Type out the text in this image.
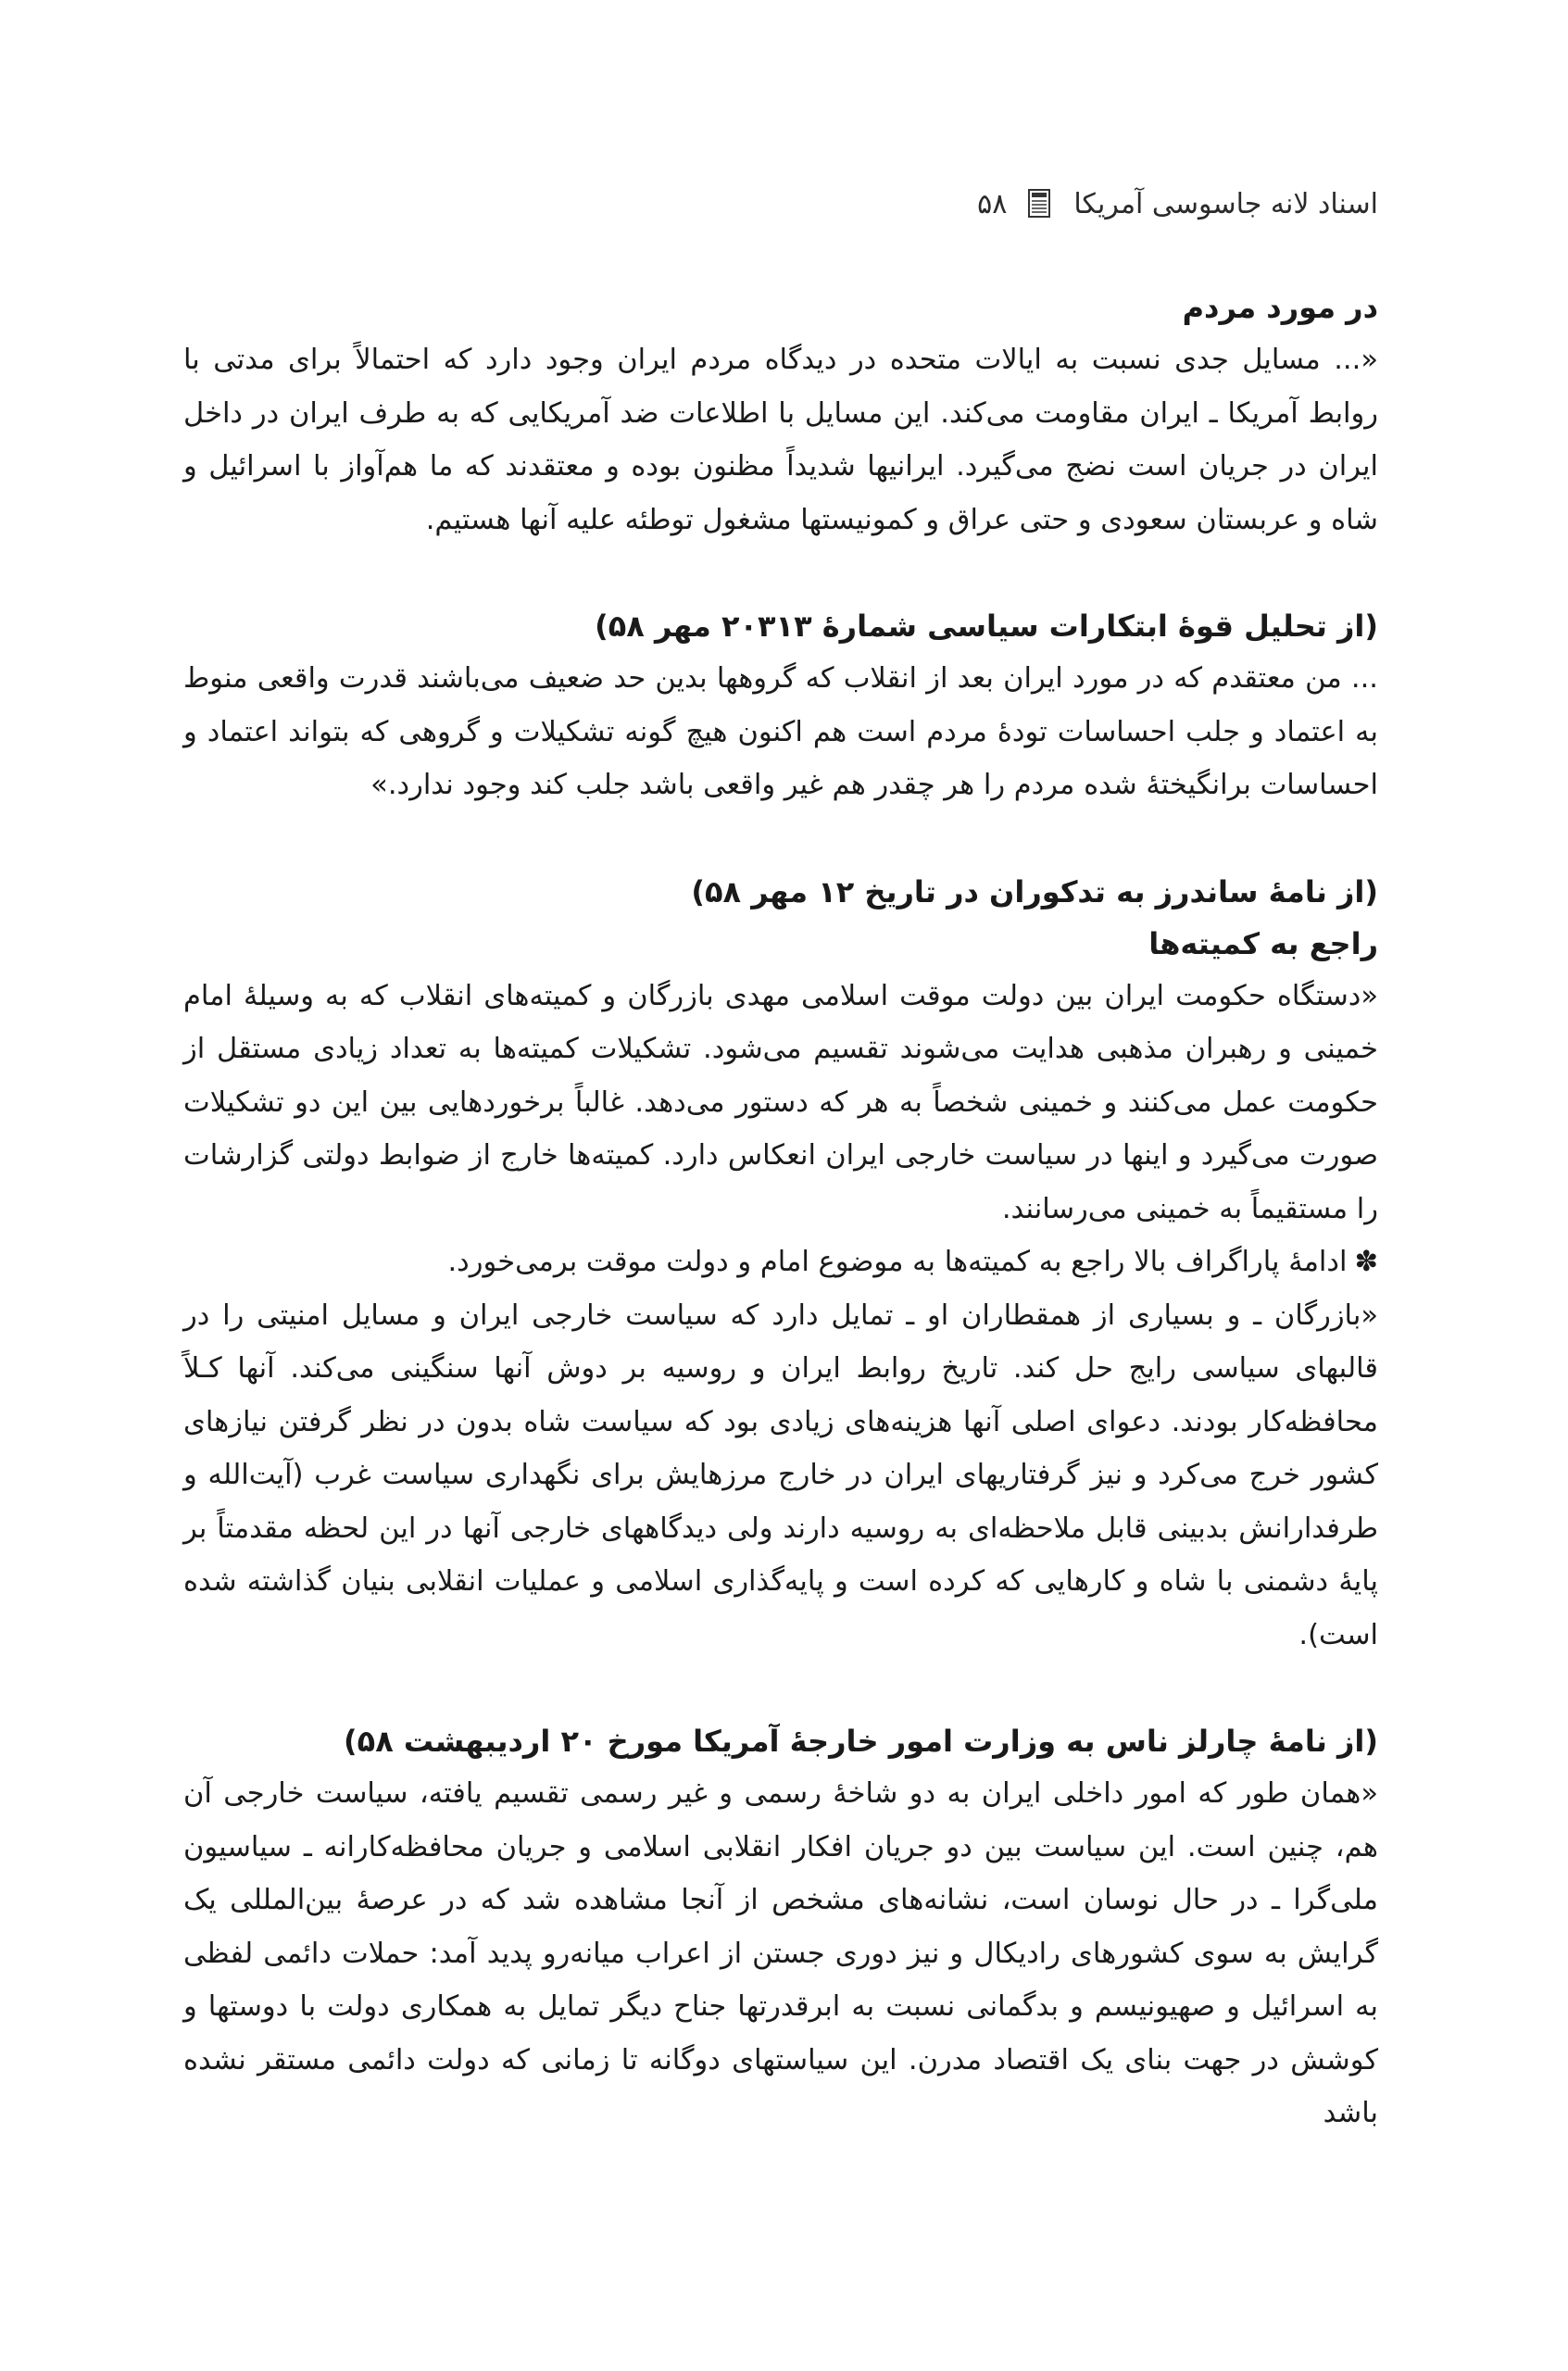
اسناد لانه جاسوسی آمریکا
۵۸
در مورد مردم

«... مسایل جدی نسبت به ایالات متحده در دیدگاه مردم ایران وجود دارد که احتمالاً برای مدتی با روابط آمریکا ـ ایران مقاومت می‌کند. این مسایل با اطلاعات ضد آمریکایی که به طرف ایران در داخل ایران در جریان است نضج می‌گیرد. ایرانیها شدیداً مظنون بوده و معتقدند که ما هم‌آواز با اسرائیل و شاه و عربستان سعودی و حتی عراق و کمونیستها مشغول توطئه علیه آنها هستیم.

(از تحلیل قوهٔ ابتکارات سیاسی شمارهٔ ۲۰۳۱۳ مهر ۵۸)

... من معتقدم که در مورد ایران بعد از انقلاب که گروهها بدین حد ضعیف می‌باشند قدرت واقعی منوط به اعتماد و جلب احساسات تودهٔ مردم است هم اکنون هیچ گونه تشکیلات و گروهی که بتواند اعتماد و احساسات برانگیختهٔ شده مردم را هر چقدر هم غیر واقعی باشد جلب کند وجود ندارد.»

(از نامهٔ ساندرز به تدکوران در تاریخ ۱۲ مهر ۵۸)
راجع به کمیته‌ها

«دستگاه حکومت ایران بین دولت موقت اسلامی مهدی بازرگان و کمیته‌های انقلاب که به وسیلهٔ امام خمینی و رهبران مذهبی هدایت می‌شوند تقسیم می‌شود. تشکیلات کمیته‌ها به تعداد زیادی مستقل از حکومت عمل می‌کنند و خمینی شخصاً به هر که دستور می‌دهد. غالباً برخوردهایی بین این دو تشکیلات صورت می‌گیرد و اینها در سیاست خارجی ایران انعکاس دارد. کمیته‌ها خارج از ضوابط دولتی گزارشات را مستقیماً به خمینی می‌رسانند.

✽ادامهٔ پاراگراف بالا راجع به کمیته‌ها به موضوع امام و دولت موقت برمی‌خورد.

«بازرگان ـ و بسیاری از همقطاران او ـ تمایل دارد که سیاست خارجی ایران و مسایل امنیتی را در قالبهای سیاسی رایج حل کند. تاریخ روابط ایران و روسیه بر دوش آنها سنگینی می‌کند. آنها کـلاً محافظه‌کار بودند. دعوای اصلی آنها هزینه‌های زیادی بود که سیاست شاه بدون در نظر گرفتن نیازهای کشور خرج می‌کرد و نیز گرفتاریهای ایران در خارج مرزهایش برای نگهداری سیاست غرب (آیت‌الله و طرفدارانش بدبینی قابل ملاحظه‌ای به روسیه دارند ولی دیدگاههای خارجی آنها در این لحظه مقدمتاً بر پایهٔ دشمنی با شاه و کارهایی که کرده است و پایه‌گذاری اسلامی و عملیات انقلابی بنیان گذاشته شده است).

(از نامهٔ چارلز ناس به وزارت امور خارجهٔ آمریکا مورخ ۲۰ اردیبهشت ۵۸)

«همان طور که امور داخلی ایران به دو شاخهٔ رسمی و غیر رسمی تقسیم یافته، سیاست خارجی آن هم، چنین است. این سیاست بین دو جریان افکار انقلابی اسلامی و جریان محافظه‌کارانه ـ سیاسیون ملی‌گرا ـ در حال نوسان است، نشانه‌های مشخص از آنجا مشاهده شد که در عرصهٔ بین‌المللی یک گرایش به سوی کشورهای رادیکال و نیز دوری جستن از اعراب میانه‌رو پدید آمد: حملات دائمی لفظی به اسرائیل و صهیونیسم و بدگمانی نسبت به ابرقدرتها جناح دیگر تمایل به همکاری دولت با دوستها و کوشش در جهت بنای یک اقتصاد مدرن. این سیاستهای دوگانه تا زمانی که دولت دائمی مستقر نشده باشد
